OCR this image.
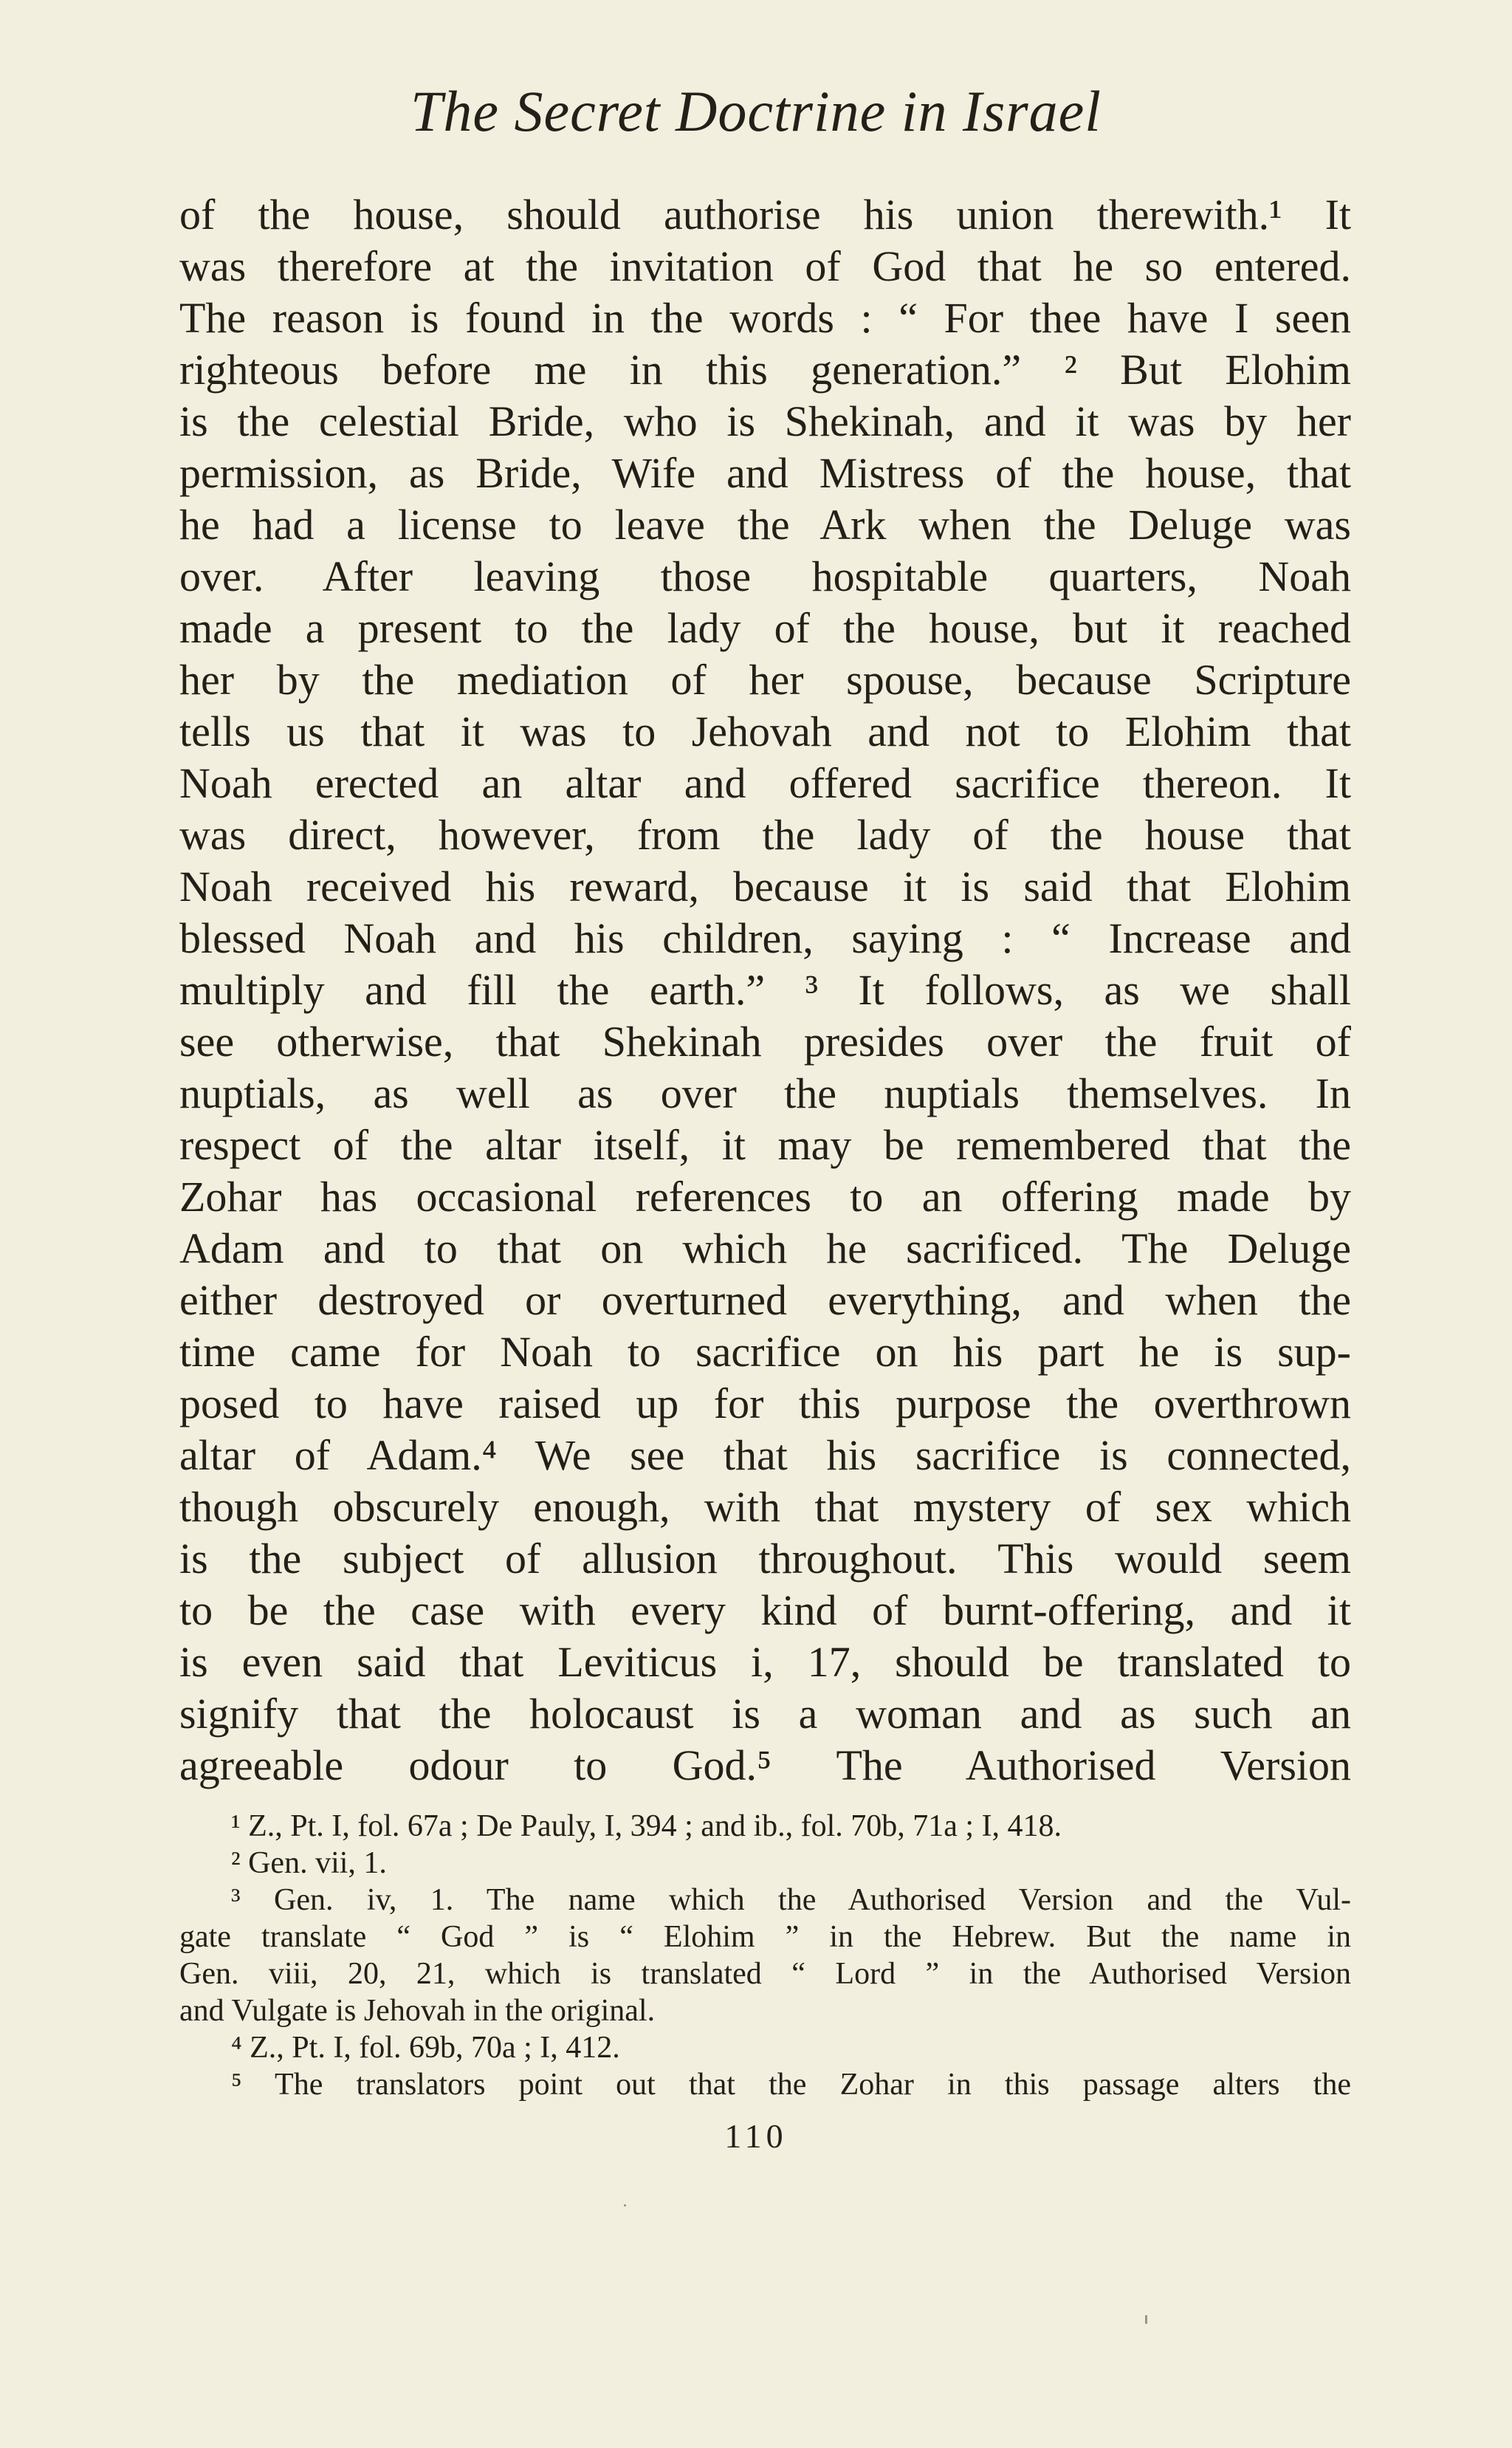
The Secret Doctrine in Israel
of the house, should authorise his union therewith.¹ It
was therefore at the invitation of God that he so entered.
The reason is found in the words : “ For thee have I seen
righteous before me in this generation.” ² But Elohim
is the celestial Bride, who is Shekinah, and it was by her
permission, as Bride, Wife and Mistress of the house, that
he had a license to leave the Ark when the Deluge was
over. After leaving those hospitable quarters, Noah
made a present to the lady of the house, but it reached
her by the mediation of her spouse, because Scripture
tells us that it was to Jehovah and not to Elohim that
Noah erected an altar and offered sacrifice thereon. It
was direct, however, from the lady of the house that
Noah received his reward, because it is said that Elohim
blessed Noah and his children, saying : “ Increase and
multiply and fill the earth.” ³ It follows, as we shall
see otherwise, that Shekinah presides over the fruit of
nuptials, as well as over the nuptials themselves. In
respect of the altar itself, it may be remembered that the
Zohar has occasional references to an offering made by
Adam and to that on which he sacrificed. The Deluge
either destroyed or overturned everything, and when the
time came for Noah to sacrifice on his part he is sup-
posed to have raised up for this purpose the overthrown
altar of Adam.⁴ We see that his sacrifice is connected,
though obscurely enough, with that mystery of sex which
is the subject of allusion throughout. This would seem
to be the case with every kind of burnt-offering, and it
is even said that Leviticus i, 17, should be translated to
signify that the holocaust is a woman and as such an
agreeable odour to God.⁵ The Authorised Version
¹ Z., Pt. I, fol. 67a ; De Pauly, I, 394 ; and ib., fol. 70b, 71a ; I, 418.
² Gen. vii, 1.
³ Gen. iv, 1. The name which the Authorised Version and the Vul-
gate translate “ God ” is “ Elohim ” in the Hebrew. But the name in
Gen. viii, 20, 21, which is translated “ Lord ” in the Authorised Version
and Vulgate is Jehovah in the original.
⁴ Z., Pt. I, fol. 69b, 70a ; I, 412.
⁵ The translators point out that the Zohar in this passage alters the
110
